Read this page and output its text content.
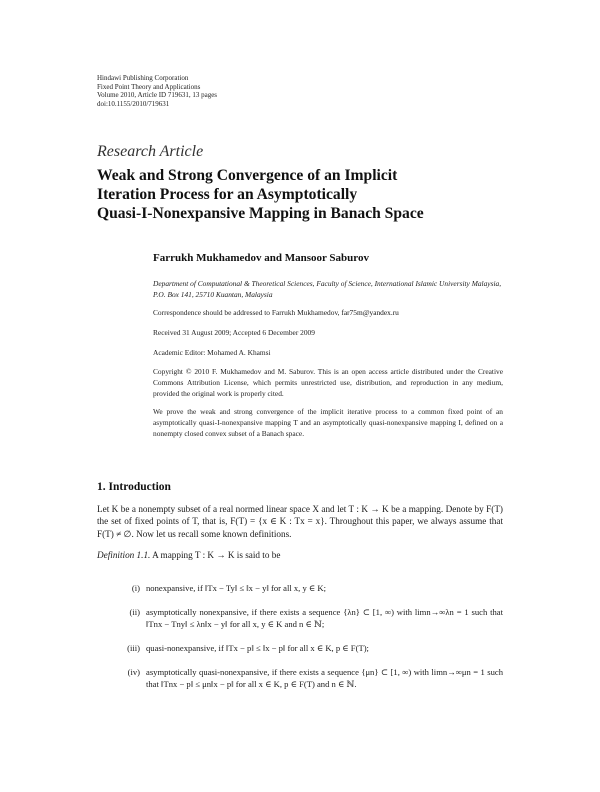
Hindawi Publishing Corporation
Fixed Point Theory and Applications
Volume 2010, Article ID 719631, 13 pages
doi:10.1155/2010/719631
Research Article
Weak and Strong Convergence of an Implicit
Iteration Process for an Asymptotically
Quasi-I-Nonexpansive Mapping in Banach Space
Farrukh Mukhamedov and Mansoor Saburov
Department of Computational & Theoretical Sciences, Faculty of Science, International Islamic University Malaysia, P.O. Box 141, 25710 Kuantan, Malaysia
Correspondence should be addressed to Farrukh Mukhamedov, far75m@yandex.ru
Received 31 August 2009; Accepted 6 December 2009
Academic Editor: Mohamed A. Khamsi
Copyright © 2010 F. Mukhamedov and M. Saburov. This is an open access article distributed under the Creative Commons Attribution License, which permits unrestricted use, distribution, and reproduction in any medium, provided the original work is properly cited.
We prove the weak and strong convergence of the implicit iterative process to a common fixed point of an asymptotically quasi-I-nonexpansive mapping T and an asymptotically quasi-nonexpansive mapping I, defined on a nonempty closed convex subset of a Banach space.
1. Introduction
Let K be a nonempty subset of a real normed linear space X and let T : K → K be a mapping. Denote by F(T) the set of fixed points of T, that is, F(T) = {x ∈ K : Tx = x}. Throughout this paper, we always assume that F(T) ≠ ∅. Now let us recall some known definitions.
Definition 1.1. A mapping T : K → K is said to be
(i) nonexpansive, if ‖Tx − Ty‖ ≤ ‖x − y‖ for all x, y ∈ K;
(ii) asymptotically nonexpansive, if there exists a sequence {λn} ⊂ [1, ∞) with limn→∞λn = 1 such that ‖Tnx − Tny‖ ≤ λn‖x − y‖ for all x, y ∈ K and n ∈ ℕ;
(iii) quasi-nonexpansive, if ‖Tx − p‖ ≤ ‖x − p‖ for all x ∈ K, p ∈ F(T);
(iv) asymptotically quasi-nonexpansive, if there exists a sequence {μn} ⊂ [1, ∞) with limn→∞μn = 1 such that ‖Tnx − p‖ ≤ μn‖x − p‖ for all x ∈ K, p ∈ F(T) and n ∈ ℕ.
